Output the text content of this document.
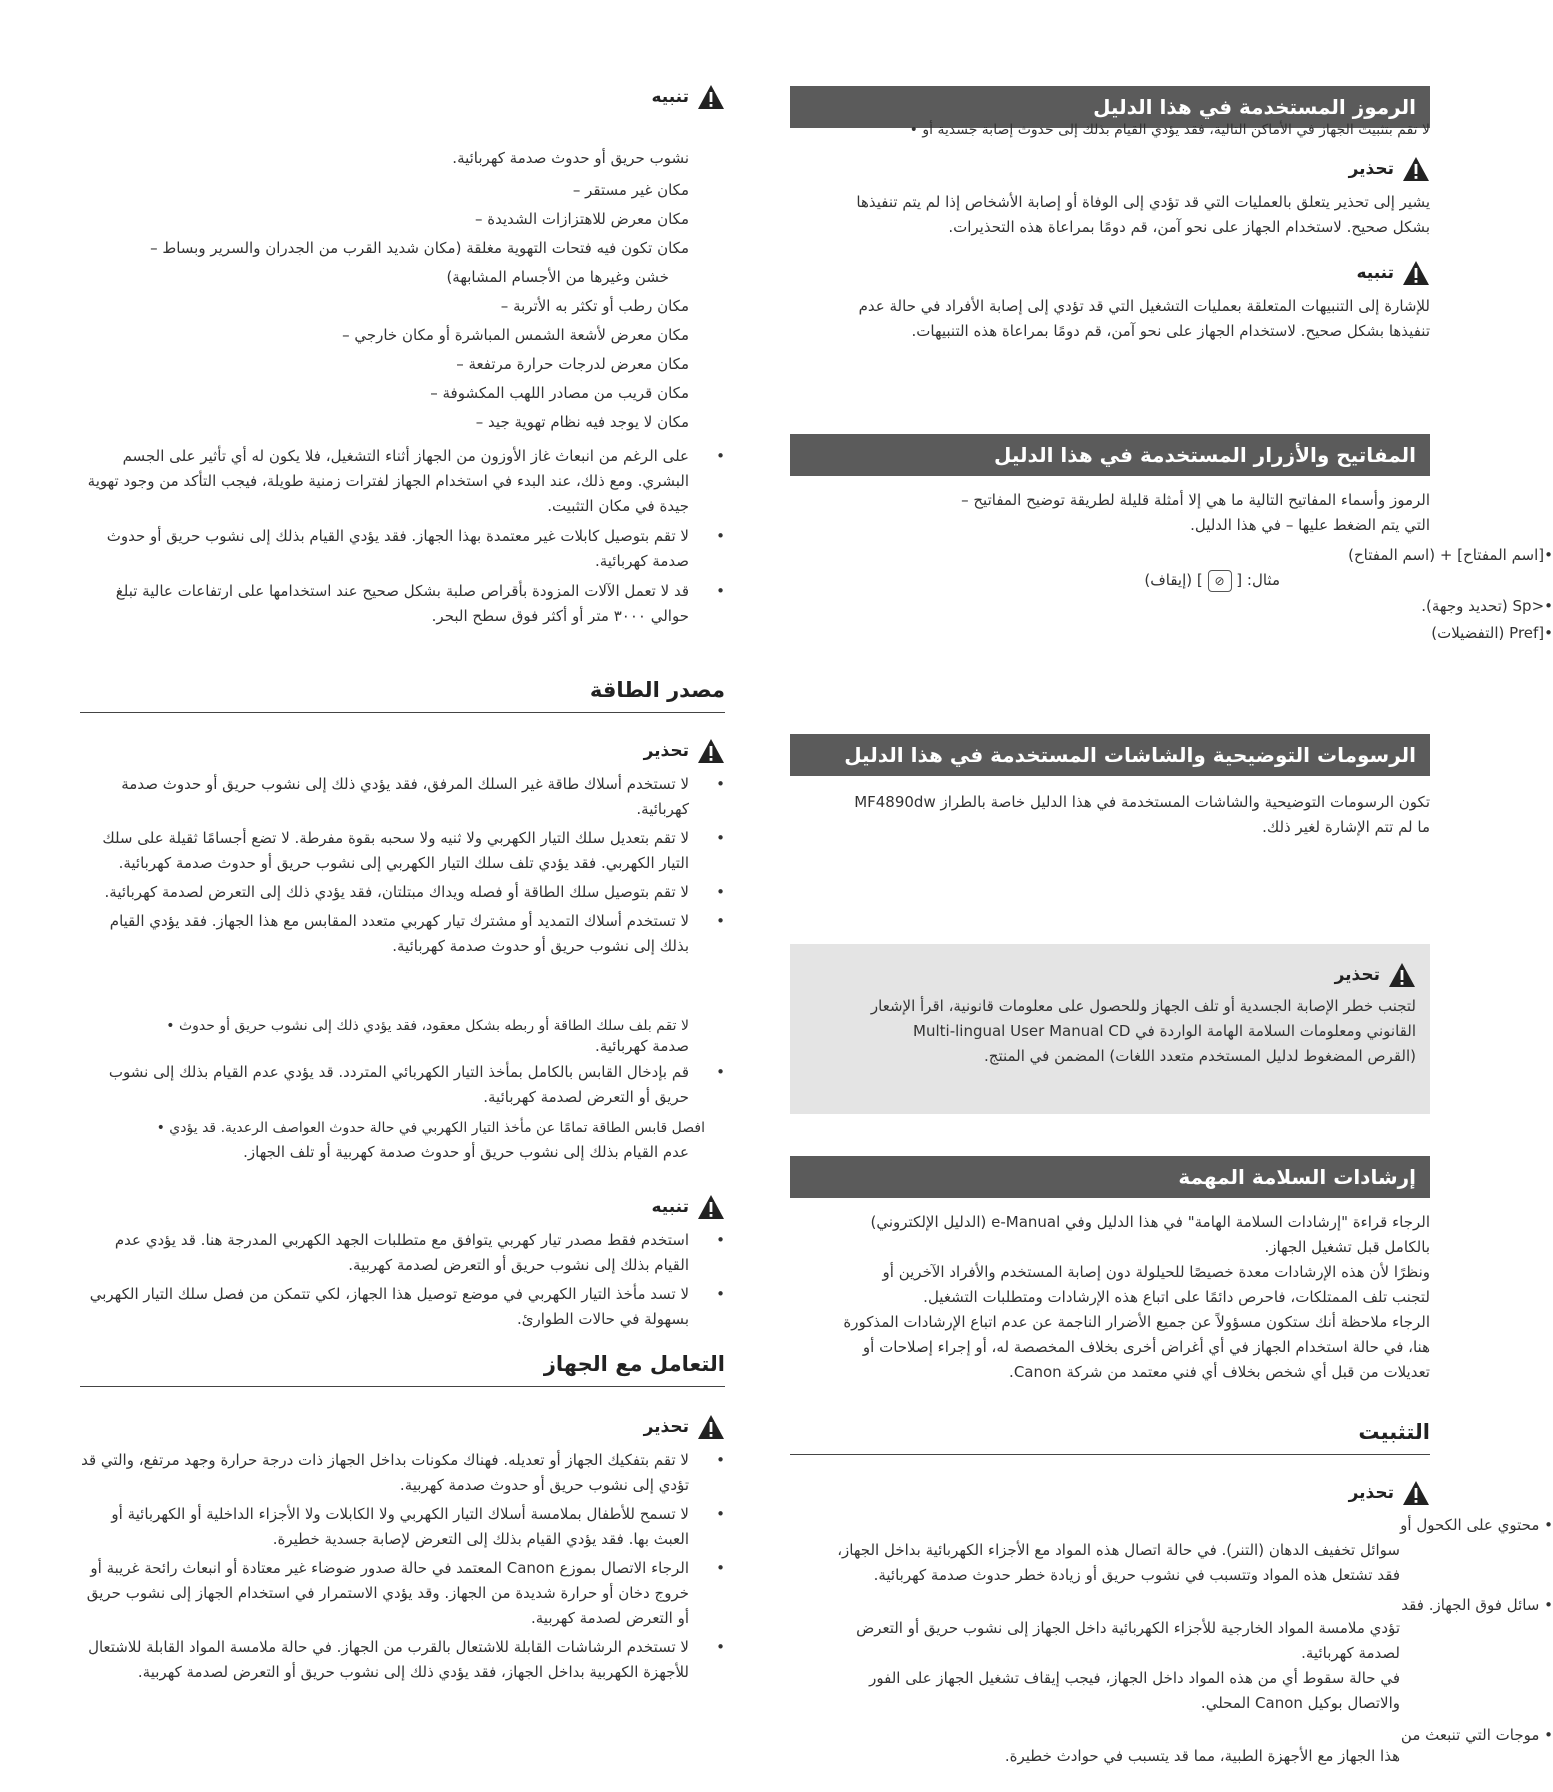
الرموز المستخدمة في هذا الدليل
لا تقم بتثبيت الجهاز في الأماكن التالية، فقد يؤدي القيام بذلك إلى حدوث إصابة جسدية أو •
تحذير
يشير إلى تحذير يتعلق بالعمليات التي قد تؤدي إلى الوفاة أو إصابة الأشخاص إذا لم يتم تنفيذها
بشكل صحيح. لاستخدام الجهاز على نحو آمن، قم دومًا بمراعاة هذه التحذيرات.
تنبيه
للإشارة إلى التنبيهات المتعلقة بعمليات التشغيل التي قد تؤدي إلى إصابة الأفراد في حالة عدم
تنفيذها بشكل صحيح. لاستخدام الجهاز على نحو آمن، قم دومًا بمراعاة هذه التنبيهات.
المفاتيح والأزرار المستخدمة في هذا الدليل
الرموز وأسماء المفاتيح التالية ما هي إلا أمثلة قليلة لطريقة توضيح المفاتيح –
التي يتم الضغط عليها – في هذا الدليل.
مثال: [ ⊘ ] (إيقاف)
الرسومات التوضيحية والشاشات المستخدمة في هذا الدليل
تكون الرسومات التوضيحية والشاشات المستخدمة في هذا الدليل خاصة بالطراز MF4890dw
ما لم تتم الإشارة لغير ذلك.
تحذير
لتجنب خطر الإصابة الجسدية أو تلف الجهاز وللحصول على معلومات قانونية، اقرأ الإشعار
القانوني ومعلومات السلامة الهامة الواردة في Multi-lingual User Manual CD
(القرص المضغوط لدليل المستخدم متعدد اللغات) المضمن في المنتج.
إرشادات السلامة المهمة
الرجاء قراءة "إرشادات السلامة الهامة" في هذا الدليل وفي e-Manual (الدليل الإلكتروني)
بالكامل قبل تشغيل الجهاز.
ونظرًا لأن هذه الإرشادات معدة خصيصًا للحيلولة دون إصابة المستخدم والأفراد الآخرين أو
لتجنب تلف الممتلكات، فاحرص دائمًا على اتباع هذه الإرشادات ومتطلبات التشغيل.
الرجاء ملاحظة أنك ستكون مسؤولاً عن جميع الأضرار الناجمة عن عدم اتباع الإرشادات المذكورة
هنا، في حالة استخدام الجهاز في أي أغراض أخرى بخلاف المخصصة له، أو إجراء إصلاحات أو
تعديلات من قبل أي شخص بخلاف أي فني معتمد من شركة Canon.
التثبيت
تحذير
سوائل تخفيف الدهان (التنر). في حالة اتصال هذه المواد مع الأجزاء الكهربائية بداخل الجهاز،
فقد تشتعل هذه المواد وتتسبب في نشوب حريق أو زيادة خطر حدوث صدمة كهربائية.
تؤدي ملامسة المواد الخارجية للأجزاء الكهربائية داخل الجهاز إلى نشوب حريق أو التعرض
لصدمة كهربائية.
في حالة سقوط أي من هذه المواد داخل الجهاز، فيجب إيقاف تشغيل الجهاز على الفور
والاتصال بوكيل Canon المحلي.
هذا الجهاز مع الأجهزة الطبية، مما قد يتسبب في حوادث خطيرة.
تنبيه
نشوب حريق أو حدوث صدمة كهربائية.
مكان غير مستقر –
مكان معرض للاهتزازات الشديدة –
مكان تكون فيه فتحات التهوية مغلقة (مكان شديد القرب من الجدران والسرير وبساط –
خشن وغيرها من الأجسام المشابهة)
مكان رطب أو تكثر به الأتربة –
مكان معرض لأشعة الشمس المباشرة أو مكان خارجي –
مكان معرض لدرجات حرارة مرتفعة –
مكان قريب من مصادر اللهب المكشوفة –
مكان لا يوجد فيه نظام تهوية جيد –
• على الرغم من انبعاث غاز الأوزون من الجهاز أثناء التشغيل، فلا يكون له أي تأثير على الجسم البشري. ومع ذلك، عند البدء في استخدام الجهاز لفترات زمنية طويلة، فيجب التأكد من وجود تهوية جيدة في مكان التثبيت.
• لا تقم بتوصيل كابلات غير معتمدة بهذا الجهاز. فقد يؤدي القيام بذلك إلى نشوب حريق أو حدوث صدمة كهربائية.
• قد لا تعمل الآلات المزودة بأقراص صلبة بشكل صحيح عند استخدامها على ارتفاعات عالية تبلغ حوالي ٣٠٠٠ متر أو أكثر فوق سطح البحر.
مصدر الطاقة
تحذير
• لا تستخدم أسلاك طاقة غير السلك المرفق، فقد يؤدي ذلك إلى نشوب حريق أو حدوث صدمة كهربائية.
• لا تقم بتعديل سلك التيار الكهربي ولا ثنيه ولا سحبه بقوة مفرطة. لا تضع أجسامًا ثقيلة على سلك التيار الكهربي. فقد يؤدي تلف سلك التيار الكهربي إلى نشوب حريق أو حدوث صدمة كهربائية.
• لا تقم بتوصيل سلك الطاقة أو فصله ويداك مبتلتان، فقد يؤدي ذلك إلى التعرض لصدمة كهربائية.
• لا تستخدم أسلاك التمديد أو مشترك تيار كهربي متعدد المقابس مع هذا الجهاز. فقد يؤدي القيام بذلك إلى نشوب حريق أو حدوث صدمة كهربائية.
لا تقم بلف سلك الطاقة أو ربطه بشكل معقود، فقد يؤدي ذلك إلى نشوب حريق أو حدوث •
صدمة كهربائية.
• قم بإدخال القابس بالكامل بمأخذ التيار الكهربائي المتردد. قد يؤدي عدم القيام بذلك إلى نشوب حريق أو التعرض لصدمة كهربائية.
افصل قابس الطاقة تمامًا عن مأخذ التيار الكهربي في حالة حدوث العواصف الرعدية. قد يؤدي •
عدم القيام بذلك إلى نشوب حريق أو حدوث صدمة كهربية أو تلف الجهاز.
تنبيه
• استخدم فقط مصدر تيار كهربي يتوافق مع متطلبات الجهد الكهربي المدرجة هنا. قد يؤدي عدم القيام بذلك إلى نشوب حريق أو التعرض لصدمة كهربية.
• لا تسد مأخذ التيار الكهربي في موضع توصيل هذا الجهاز، لكي تتمكن من فصل سلك التيار الكهربي بسهولة في حالات الطوارئ.
التعامل مع الجهاز
تحذير
• لا تقم بتفكيك الجهاز أو تعديله. فهناك مكونات بداخل الجهاز ذات درجة حرارة وجهد مرتفع، والتي قد تؤدي إلى نشوب حريق أو حدوث صدمة كهربية.
• لا تسمح للأطفال بملامسة أسلاك التيار الكهربي ولا الكابلات ولا الأجزاء الداخلية أو الكهربائية أو العبث بها. فقد يؤدي القيام بذلك إلى التعرض لإصابة جسدية خطيرة.
• الرجاء الاتصال بموزع Canon المعتمد في حالة صدور ضوضاء غير معتادة أو انبعاث رائحة غريبة أو خروج دخان أو حرارة شديدة من الجهاز. وقد يؤدي الاستمرار في استخدام الجهاز إلى نشوب حريق أو التعرض لصدمة كهربية.
• لا تستخدم الرشاشات القابلة للاشتعال بالقرب من الجهاز. في حالة ملامسة المواد القابلة للاشتعال للأجهزة الكهربية بداخل الجهاز، فقد يؤدي ذلك إلى نشوب حريق أو التعرض لصدمة كهربية.
•[اسم المفتاح] + (اسم المفتاح)
•<Sp (تحديد وجهة).
•[Pref (التفضيلات)
• محتوي على الكحول أو
• سائل فوق الجهاز. فقد
• موجات التي تنبعث من
